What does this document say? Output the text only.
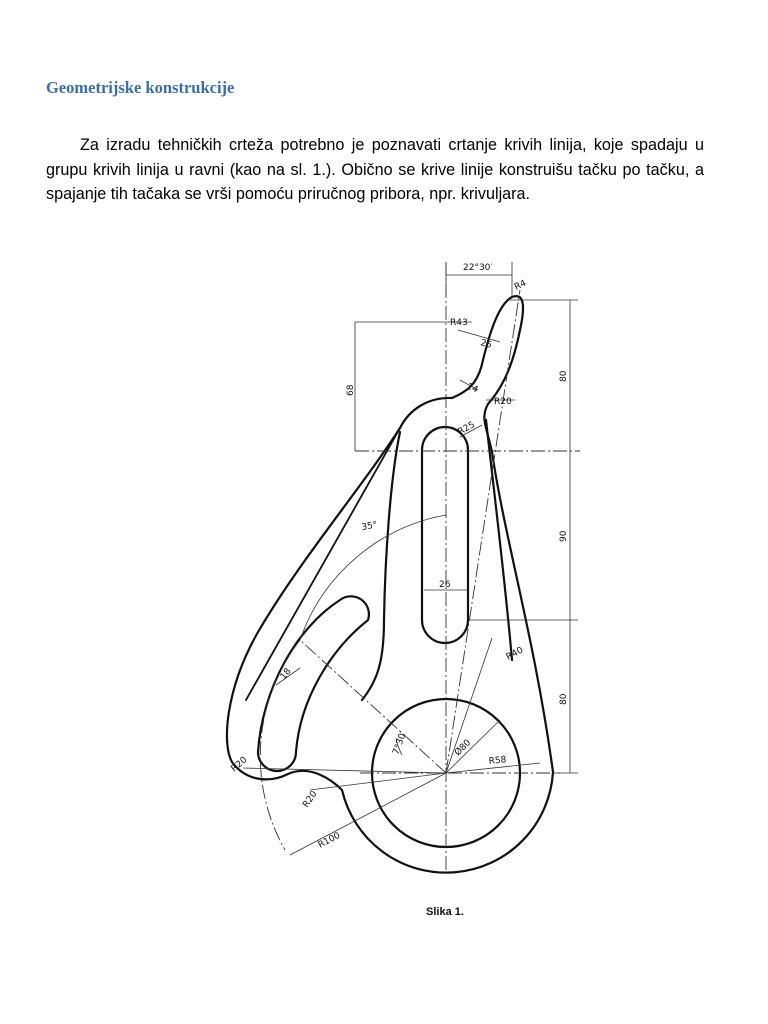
Geometrijske konstrukcije

Za izradu tehničkih crteža potrebno je poznavati crtanje krivih linija, koje spadaju u grupu krivih linija u ravni (kao na sl. 1.). Obično se krive linije konstruišu tačku po tačku, a spajanje tih tačaka se vrši pomoću priručnog pribora, npr. krivuljara.

22°30′
R4
R43
25
14
R20
R25
68
80
90
80
35°
26
R40
18
7°30′	Ø80
R58
R20
R20
R100
Slika 1.
